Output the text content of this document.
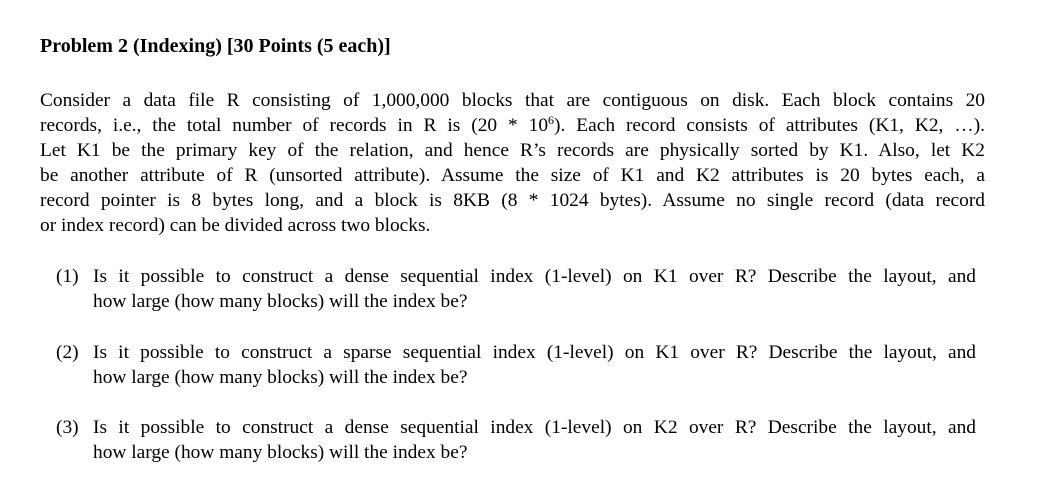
Problem 2 (Indexing) [30 Points (5 each)]
Consider a data file R consisting of 1,000,000 blocks that are contiguous on disk. Each block contains 20
records, i.e., the total number of records in R is $(20 * 10^6)$. Each record consists of attributes (K1, K2, …).
Let K1 be the primary key of the relation, and hence R’s records are physically sorted by K1. Also, let K2
be another attribute of R (unsorted attribute). Assume the size of K1 and K2 attributes is 20 bytes each, a
record pointer is 8 bytes long, and a block is 8KB (8 * 1024 bytes). Assume no single record (data record
or index record) can be divided across two blocks.
(1) Is it possible to construct a dense sequential index (1-level) on K1 over R? Describe the layout, and
how large (how many blocks) will the index be?
(2) Is it possible to construct a sparse sequential index (1-level) on K1 over R? Describe the layout, and
how large (how many blocks) will the index be?
(3) Is it possible to construct a dense sequential index (1-level) on K2 over R? Describe the layout, and
how large (how many blocks) will the index be?
